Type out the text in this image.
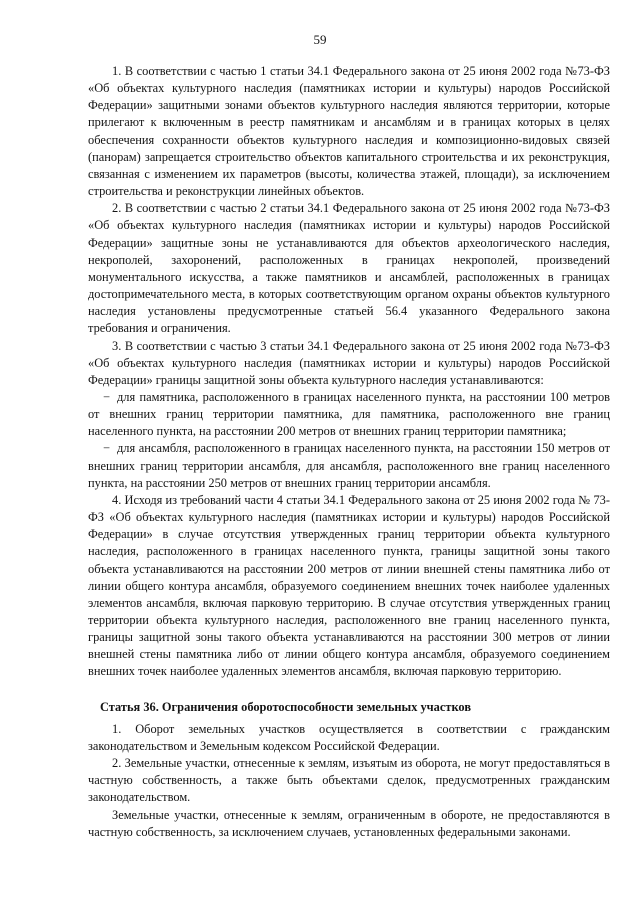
59

1. В соответствии с частью 1 статьи 34.1 Федерального закона от 25 июня 2002 года №73-ФЗ «Об объектах культурного наследия (памятниках истории и культуры) народов Российской Федерации» защитными зонами объектов культурного наследия являются территории, которые прилегают к включенным в реестр памятникам и ансамблям и в границах которых в целях обеспечения сохранности объектов культурного наследия и композиционно-видовых связей (панорам) запрещается строительство объектов капитального строительства и их реконструкция, связанная с изменением их параметров (высоты, количества этажей, площади), за исключением строительства и реконструкции линейных объектов.

2. В соответствии с частью 2 статьи 34.1 Федерального закона от 25 июня 2002 года №73-ФЗ «Об объектах культурного наследия (памятниках истории и культуры) народов Российской Федерации» защитные зоны не устанавливаются для объектов археологического наследия, некрополей, захоронений, расположенных в границах некрополей, произведений монументального искусства, а также памятников и ансамблей, расположенных в границах достопримечательного места, в которых соответствующим органом охраны объектов культурного наследия установлены предусмотренные статьей 56.4 указанного Федерального закона требования и ограничения.

3. В соответствии с частью 3 статьи 34.1 Федерального закона от 25 июня 2002 года №73-ФЗ «Об объектах культурного наследия (памятниках истории и культуры) народов Российской Федерации» границы защитной зоны объекта культурного наследия устанавливаются:

− для памятника, расположенного в границах населенного пункта, на расстоянии 100 метров от внешних границ территории памятника, для памятника, расположенного вне границ населенного пункта, на расстоянии 200 метров от внешних границ территории памятника;

− для ансамбля, расположенного в границах населенного пункта, на расстоянии 150 метров от внешних границ территории ансамбля, для ансамбля, расположенного вне границ населенного пункта, на расстоянии 250 метров от внешних границ территории ансамбля.

4. Исходя из требований части 4 статьи 34.1 Федерального закона от 25 июня 2002 года № 73-ФЗ «Об объектах культурного наследия (памятниках истории и культуры) народов Российской Федерации» в случае отсутствия утвержденных границ территории объекта культурного наследия, расположенного в границах населенного пункта, границы защитной зоны такого объекта устанавливаются на расстоянии 200 метров от линии внешней стены памятника либо от линии общего контура ансамбля, образуемого соединением внешних точек наиболее удаленных элементов ансамбля, включая парковую территорию. В случае отсутствия утвержденных границ территории объекта культурного наследия, расположенного вне границ населенного пункта, границы защитной зоны такого объекта устанавливаются на расстоянии 300 метров от линии внешней стены памятника либо от линии общего контура ансамбля, образуемого соединением внешних точек наиболее удаленных элементов ансамбля, включая парковую территорию.

Статья 36. Ограничения оборотоспособности земельных участков

1. Оборот земельных участков осуществляется в соответствии с гражданским законодательством и Земельным кодексом Российской Федерации.

2. Земельные участки, отнесенные к землям, изъятым из оборота, не могут предоставляться в частную собственность, а также быть объектами сделок, предусмотренных гражданским законодательством.

Земельные участки, отнесенные к землям, ограниченным в обороте, не предоставляются в частную собственность, за исключением случаев, установленных федеральными законами.
